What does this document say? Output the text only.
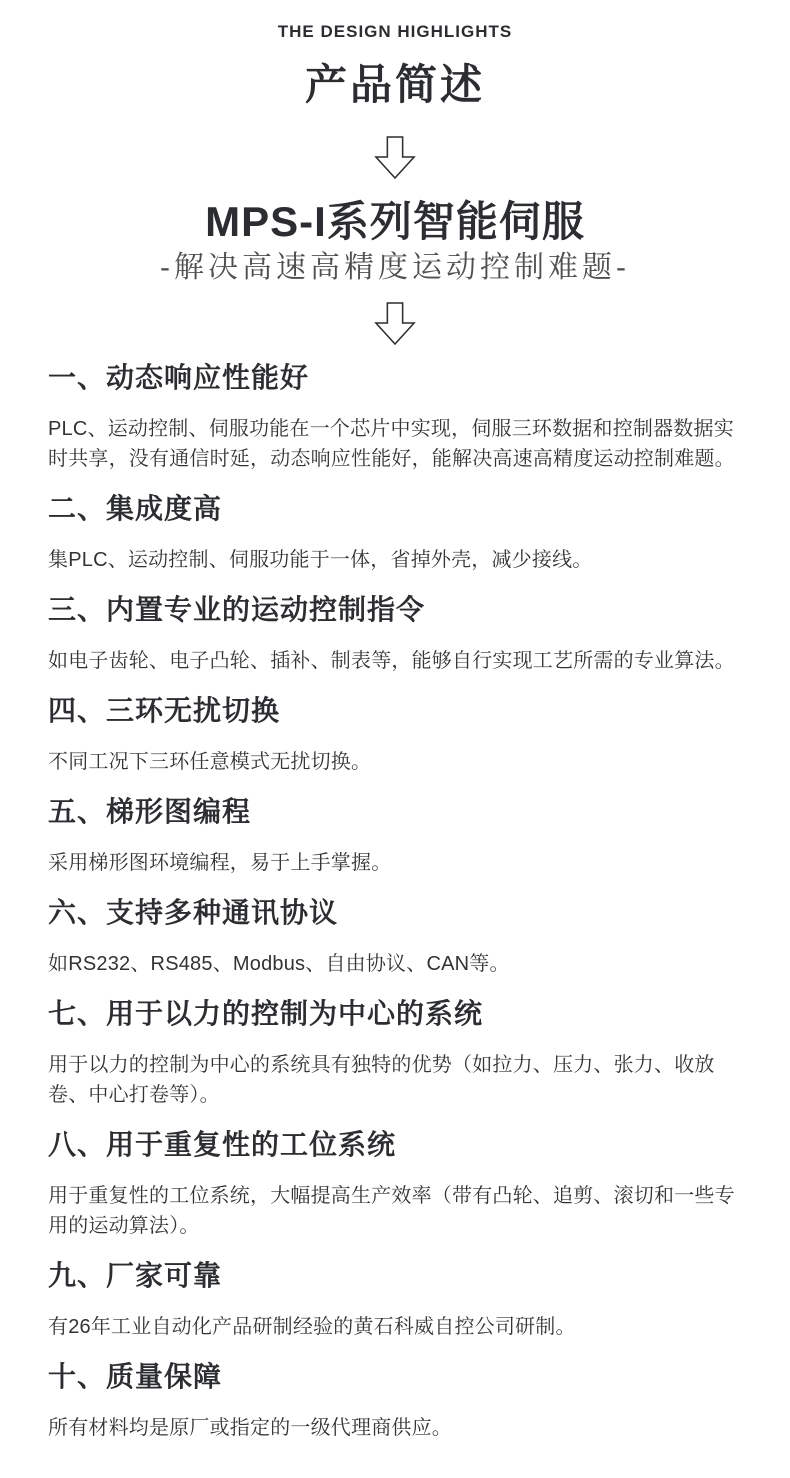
THE DESIGN HIGHLIGHTS
产品简述
MPS-I系列智能伺服
-解决高速高精度运动控制难题-
一、动态响应性能好

PLC、运动控制、伺服功能在一个芯片中实现，伺服三环数据和控制器数据实时共享，没有通信时延，动态响应性能好，能解决高速高精度运动控制难题。

二、集成度高

集PLC、运动控制、伺服功能于一体，省掉外壳，减少接线。

三、内置专业的运动控制指令

如电子齿轮、电子凸轮、插补、制表等，能够自行实现工艺所需的专业算法。

四、三环无扰切换

不同工况下三环任意模式无扰切换。

五、梯形图编程

采用梯形图环境编程，易于上手掌握。

六、支持多种通讯协议

如RS232、RS485、Modbus、自由协议、CAN等。

七、用于以力的控制为中心的系统

用于以力的控制为中心的系统具有独特的优势（如拉力、压力、张力、收放卷、中心打卷等）。

八、用于重复性的工位系统

用于重复性的工位系统，大幅提高生产效率（带有凸轮、追剪、滚切和一些专用的运动算法）。

九、厂家可靠

有26年工业自动化产品研制经验的黄石科威自控公司研制。

十、质量保障

所有材料均是原厂或指定的一级代理商供应。
